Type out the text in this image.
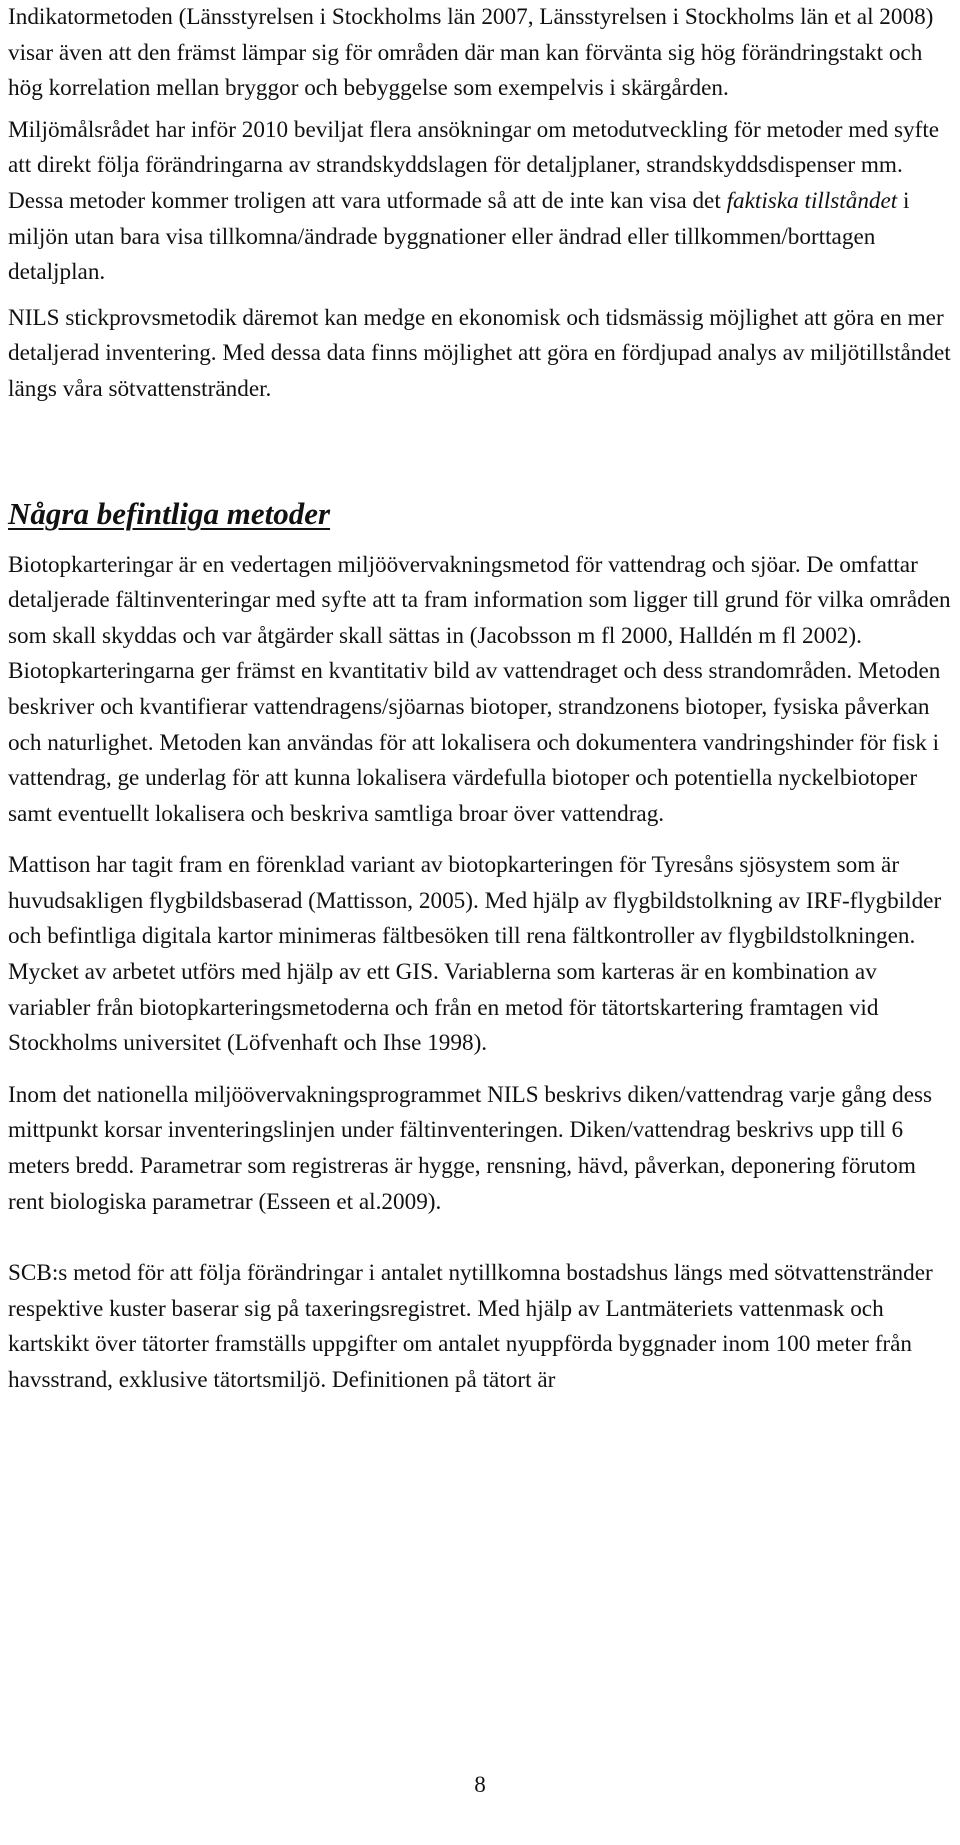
Indikatormetoden (Länsstyrelsen i Stockholms län 2007, Länsstyrelsen i Stockholms län et al 2008) visar även att den främst lämpar sig för områden där man kan förvänta sig hög förändringstakt och hög korrelation mellan bryggor och bebyggelse som exempelvis i skärgården.

Miljömålsrådet har inför 2010 beviljat flera ansökningar om metodutveckling för metoder med syfte att direkt följa förändringarna av strandskyddslagen för detaljplaner, strandskyddsdispenser mm. Dessa metoder kommer troligen att vara utformade så att de inte kan visa det faktiska tillståndet i miljön utan bara visa tillkomna/ändrade byggnationer eller ändrad eller tillkommen/borttagen detaljplan.

NILS stickprovsmetodik däremot kan medge en ekonomisk och tidsmässig möjlighet att göra en mer detaljerad inventering. Med dessa data finns möjlighet att göra en fördjupad analys av miljötillståndet längs våra sötvattenstränder.

Några befintliga metoder

Biotopkarteringar är en vedertagen miljöövervakningsmetod för vattendrag och sjöar. De omfattar detaljerade fältinventeringar med syfte att ta fram information som ligger till grund för vilka områden som skall skyddas och var åtgärder skall sättas in (Jacobsson m fl 2000, Halldén m fl 2002). Biotopkarteringarna ger främst en kvantitativ bild av vattendraget och dess strandområden. Metoden beskriver och kvantifierar vattendragens/sjöarnas biotoper, strandzonens biotoper, fysiska påverkan och naturlighet. Metoden kan användas för att lokalisera och dokumentera vandringshinder för fisk i vattendrag, ge underlag för att kunna lokalisera värdefulla biotoper och potentiella nyckelbiotoper samt eventuellt lokalisera och beskriva samtliga broar över vattendrag.

Mattison har tagit fram en förenklad variant av biotopkarteringen för Tyresåns sjösystem som är huvudsakligen flygbildsbaserad (Mattisson, 2005). Med hjälp av flygbildstolkning av IRF-flygbilder och befintliga digitala kartor minimeras fältbesöken till rena fältkontroller av flygbildstolkningen. Mycket av arbetet utförs med hjälp av ett GIS. Variablerna som karteras är en kombination av variabler från biotopkarteringsmetoderna och från en metod för tätortskartering framtagen vid Stockholms universitet (Löfvenhaft och Ihse 1998).

Inom det nationella miljöövervakningsprogrammet NILS beskrivs diken/vattendrag varje gång dess mittpunkt korsar inventeringslinjen under fältinventeringen. Diken/vattendrag beskrivs upp till 6 meters bredd. Parametrar som registreras är hygge, rensning, hävd, påverkan, deponering förutom rent biologiska parametrar (Esseen et al.2009).

SCB:s metod för att följa förändringar i antalet nytillkomna bostadshus längs med sötvattenstränder respektive kuster baserar sig på taxeringsregistret. Med hjälp av Lantmäteriets vattenmask och kartskikt över tätorter framställs uppgifter om antalet nyuppförda byggnader inom 100 meter från havsstrand, exklusive tätortsmiljö. Definitionen på tätort är

8
